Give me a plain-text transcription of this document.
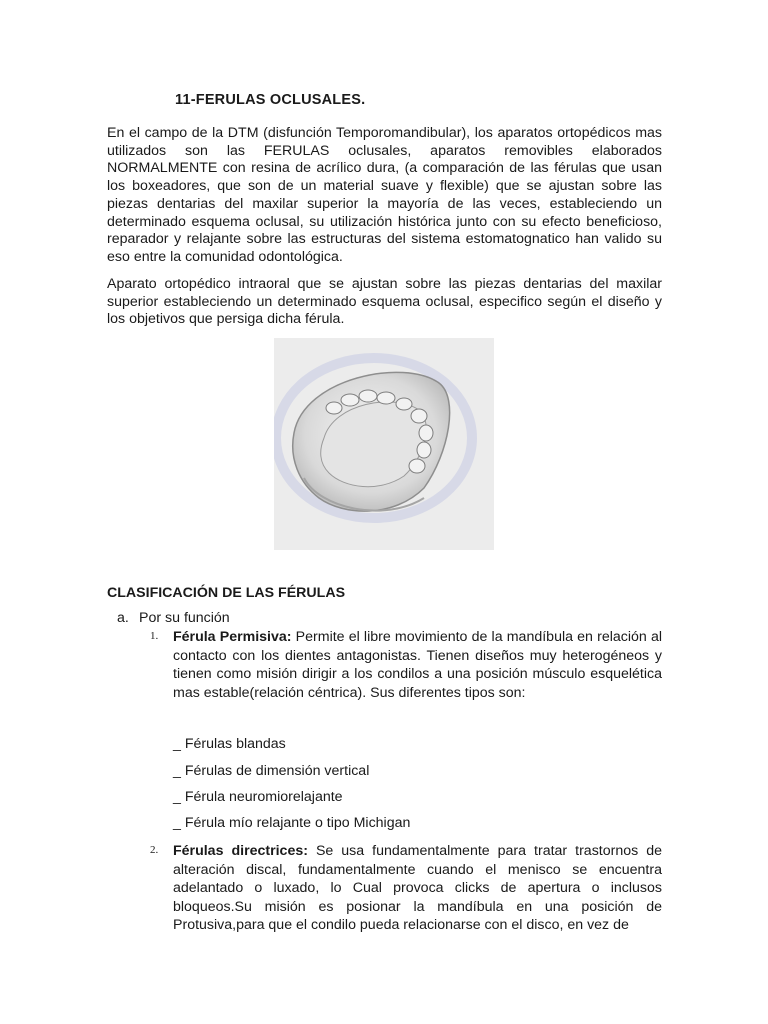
11-FERULAS OCLUSALES.

En el campo de la DTM (disfunción Temporomandibular), los aparatos ortopédicos mas utilizados son las FERULAS oclusales, aparatos removibles elaborados NORMALMENTE con resina de acrílico dura, (a comparación de las férulas que usan los boxeadores, que son de un material suave y flexible) que se ajustan sobre las piezas dentarias del maxilar superior la mayoría de las veces, estableciendo un determinado esquema oclusal, su utilización histórica junto con su efecto beneficioso, reparador y relajante sobre las estructuras del sistema estomatognatico han valido su eso entre la comunidad odontológica.

Aparato ortopédico intraoral que se ajustan sobre las piezas dentarias del maxilar superior estableciendo un determinado esquema oclusal, especifico según el diseño y los objetivos que persiga dicha férula.

CLASIFICACIÓN DE LAS FÉRULAS
a. Por su función
1. Férula Permisiva: Permite el libre movimiento de la mandíbula en relación al contacto con los dientes antagonistas. Tienen diseños muy heterogéneos y tienen como misión dirigir a los condilos a una posición músculo esquelética mas estable(relación céntrica). Sus diferentes tipos son:

_ Férulas blandas
_ Férulas de dimensión vertical
_ Férula neuromiorelajante
_ Férula mío relajante o tipo Michigan
2. Férulas directrices: Se usa fundamentalmente para tratar trastornos de alteración discal, fundamentalmente cuando el menisco se encuentra adelantado o luxado, lo Cual provoca clicks de apertura o inclusos bloqueos.Su misión es posionar la mandíbula en una posición de Protusiva,para que el condilo pueda relacionarse con el disco, en vez de
